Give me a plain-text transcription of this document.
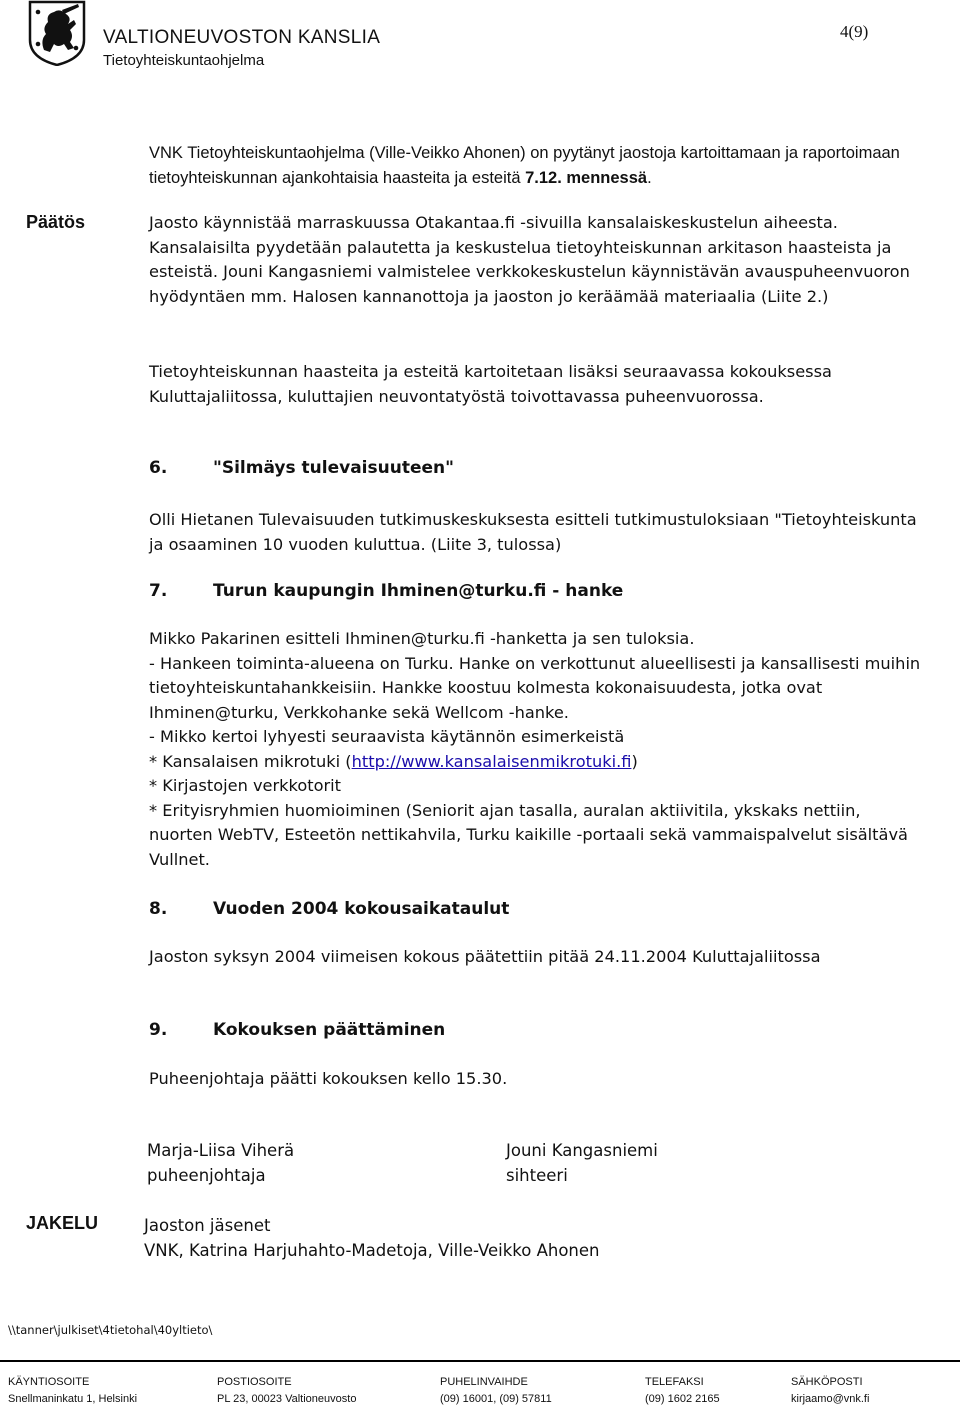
VALTIONEUVOSTON KANSLIA
Tietoyhteiskuntaohjelma
4(9)
VNK Tietoyhteiskuntaohjelma (Ville-Veikko Ahonen) on pyytänyt jaostoja kartoittamaan ja raportoimaan tietoyhteiskunnan ajankohtaisia haasteita ja esteitä 7.12. mennessä.
Päätös	Jaosto käynnistää marraskuussa Otakantaa.fi -sivuilla kansalaiskeskustelun aiheesta. Kansalaisilta pyydetään palautetta ja keskustelua tietoyhteiskunnan arkitason haasteista ja esteistä. Jouni Kangasniemi valmistelee verkkokeskustelun käynnistävän avauspuheenvuoron hyödyntäen mm. Halosen kannanottoja ja jaoston jo keräämää materiaalia (Liite 2.)

Tietoyhteiskunnan haasteita ja esteitä kartoitetaan lisäksi seuraavassa kokouksessa Kuluttajaliitossa, kuluttajien neuvontatyöstä toivottavassa puheenvuorossa.

6.	"Silmäys tulevaisuuteen"

Olli Hietanen Tulevaisuuden tutkimuskeskuksesta esitteli tutkimustuloksiaan "Tietoyhteiskunta ja osaaminen 10 vuoden kuluttua. (Liite 3, tulossa)

7.	Turun kaupungin Ihminen@turku.fi - hanke

Mikko Pakarinen esitteli Ihminen@turku.fi -hanketta ja sen tuloksia.

- Hankeen toiminta-alueena on Turku. Hanke on verkottunut alueellisesti ja kansallisesti muihin tietoyhteiskuntahankkeisiin. Hankke koostuu kolmesta kokonaisuudesta, jotka ovat Ihminen@turku, Verkkohanke sekä Wellcom -hanke.

- Mikko kertoi lyhyesti seuraavista käytännön esimerkeistä

* Kansalaisen mikrotuki (http://www.kansalaisenmikrotuki.fi)

* Kirjastojen verkkotorit

* Erityisryhmien huomioiminen (Seniorit ajan tasalla, auralan aktiivitila, ykskaks nettiin, nuorten WebTV, Esteetön nettikahvila, Turku kaikille -portaali sekä vammaispalvelut sisältävä Vullnet.

8.	Vuoden 2004 kokousaikataulut

Jaoston syksyn 2004 viimeisen kokous päätettiin pitää 24.11.2004 Kuluttajaliitossa

9.	Kokouksen päättäminen

Puheenjohtaja päätti kokouksen kello 15.30.

Marja-Liisa Viherä
puheenjohtaja
Jouni Kangasniemi
sihteeri
JAKELU	Jaoston jäsenet
VNK, Katrina Harjuhahto-Madetoja, Ville-Veikko Ahonen
\\tanner\julkiset\4tietohal\40yltieto\
KÄYNTIOSOITE
Snellmaninkatu 1, Helsinki
POSTIOSOITE
PL 23, 00023 Valtioneuvosto
PUHELINVAIHDE
(09) 16001, (09) 57811
TELEFAKSI
(09) 1602 2165
SÄHKÖPOSTI
kirjaamo@vnk.fi
